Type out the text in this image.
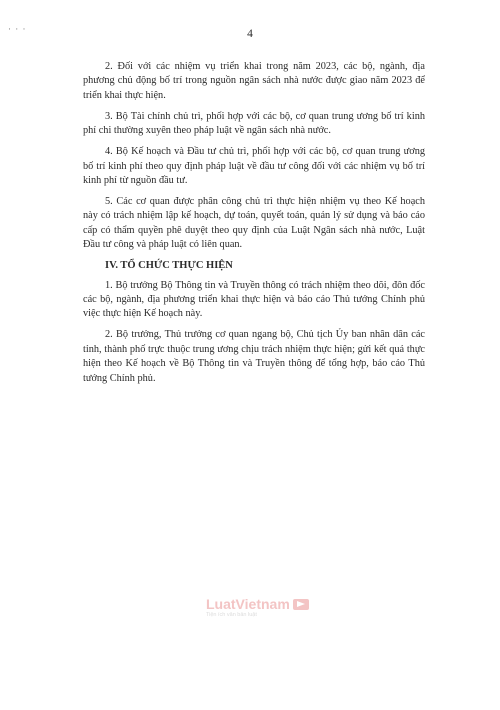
· · ·	4

2. Đối với các nhiệm vụ triển khai trong năm 2023, các bộ, ngành, địa phương chủ động bố trí trong nguồn ngân sách nhà nước được giao năm 2023 để triển khai thực hiện.

3. Bộ Tài chính chủ trì, phối hợp với các bộ, cơ quan trung ương bố trí kinh phí chi thường xuyên theo pháp luật về ngân sách nhà nước.

4. Bộ Kế hoạch và Đầu tư chủ trì, phối hợp với các bộ, cơ quan trung ương bố trí kinh phí theo quy định pháp luật về đầu tư công đối với các nhiệm vụ bố trí kinh phí từ nguồn đầu tư.

5. Các cơ quan được phân công chủ trì thực hiện nhiệm vụ theo Kế hoạch này có trách nhiệm lập kế hoạch, dự toán, quyết toán, quản lý sử dụng và báo cáo cấp có thẩm quyền phê duyệt theo quy định của Luật Ngân sách nhà nước, Luật Đầu tư công và pháp luật có liên quan.

IV. TỔ CHỨC THỰC HIỆN

1. Bộ trưởng Bộ Thông tin và Truyền thông có trách nhiệm theo dõi, đôn đốc các bộ, ngành, địa phương triển khai thực hiện và báo cáo Thủ tướng Chính phủ việc thực hiện Kế hoạch này.

2. Bộ trưởng, Thủ trưởng cơ quan ngang bộ, Chủ tịch Ủy ban nhân dân các tỉnh, thành phố trực thuộc trung ương chịu trách nhiệm thực hiện; gửi kết quả thực hiện theo Kế hoạch về Bộ Thông tin và Truyền thông để tổng hợp, báo cáo Thủ tướng Chính phủ.

LuatVietnam
Tiện ích văn bản luật
